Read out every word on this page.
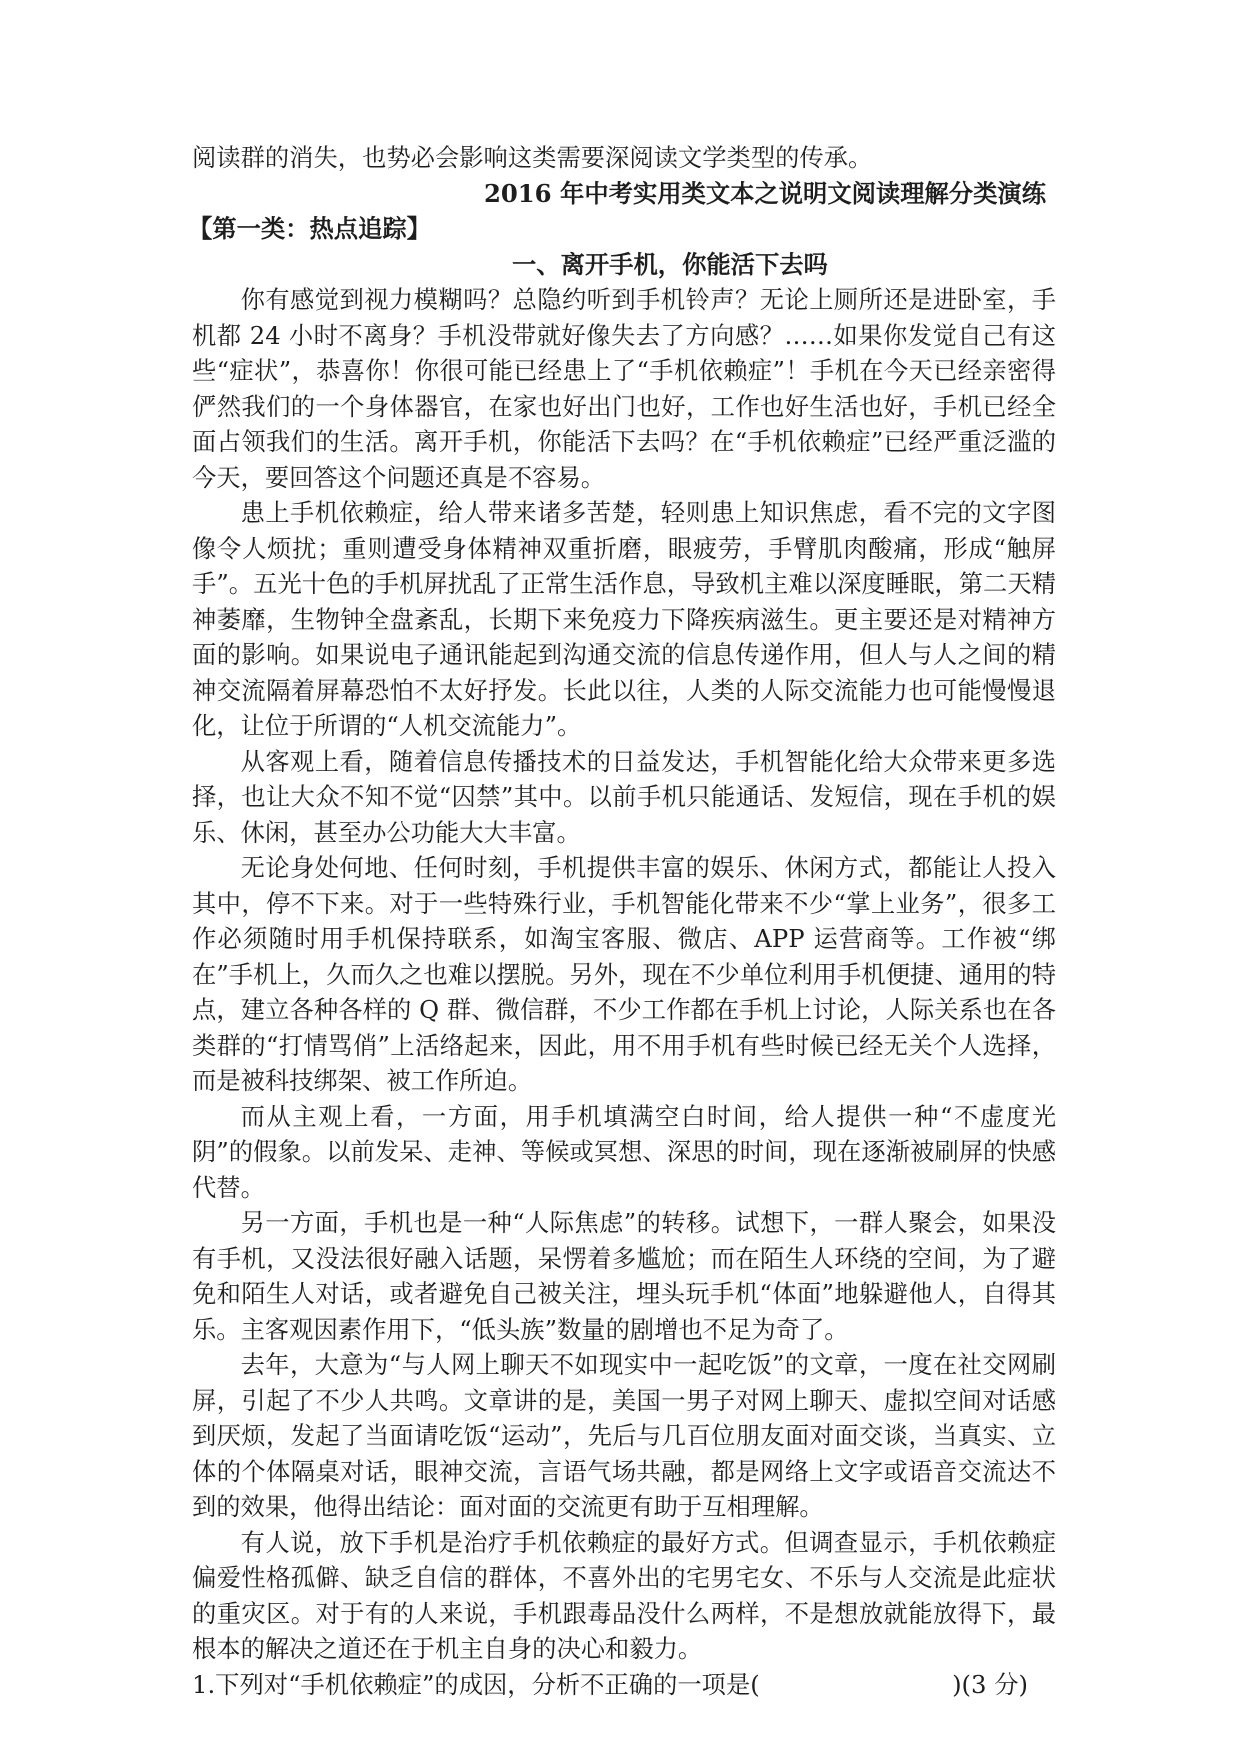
阅读群的消失，也势必会影响这类需要深阅读文学类型的传承。

2016 年中考实用类文本之说明文阅读理解分类演练

【第一类：热点追踪】

一、离开手机，你能活下去吗

你有感觉到视力模糊吗？总隐约听到手机铃声？无论上厕所还是进卧室，手机都 24 小时不离身？手机没带就好像失去了方向感？……如果你发觉自己有这些“症状”，恭喜你！你很可能已经患上了“手机依赖症”！手机在今天已经亲密得俨然我们的一个身体器官，在家也好出门也好，工作也好生活也好，手机已经全面占领我们的生活。离开手机，你能活下去吗？在“手机依赖症”已经严重泛滥的今天，要回答这个问题还真是不容易。

患上手机依赖症，给人带来诸多苦楚，轻则患上知识焦虑，看不完的文字图像令人烦扰；重则遭受身体精神双重折磨，眼疲劳，手臂肌肉酸痛，形成“触屏手”。五光十色的手机屏扰乱了正常生活作息，导致机主难以深度睡眠，第二天精神萎靡，生物钟全盘紊乱，长期下来免疫力下降疾病滋生。更主要还是对精神方面的影响。如果说电子通讯能起到沟通交流的信息传递作用，但人与人之间的精神交流隔着屏幕恐怕不太好抒发。长此以往，人类的人际交流能力也可能慢慢退化，让位于所谓的“人机交流能力”。

从客观上看，随着信息传播技术的日益发达，手机智能化给大众带来更多选择，也让大众不知不觉“囚禁”其中。以前手机只能通话、发短信，现在手机的娱乐、休闲，甚至办公功能大大丰富。

无论身处何地、任何时刻，手机提供丰富的娱乐、休闲方式，都能让人投入其中，停不下来。对于一些特殊行业，手机智能化带来不少“掌上业务”，很多工作必须随时用手机保持联系，如淘宝客服、微店、APP 运营商等。工作被“绑在”手机上，久而久之也难以摆脱。另外，现在不少单位利用手机便捷、通用的特点，建立各种各样的 Q 群、微信群，不少工作都在手机上讨论，人际关系也在各类群的“打情骂俏”上活络起来，因此，用不用手机有些时候已经无关个人选择，而是被科技绑架、被工作所迫。

而从主观上看，一方面，用手机填满空白时间，给人提供一种“不虚度光阴”的假象。以前发呆、走神、等候或冥想、深思的时间，现在逐渐被刷屏的快感代替。

另一方面，手机也是一种“人际焦虑”的转移。试想下，一群人聚会，如果没有手机，又没法很好融入话题，呆愣着多尴尬；而在陌生人环绕的空间，为了避免和陌生人对话，或者避免自己被关注，埋头玩手机“体面”地躲避他人，自得其乐。主客观因素作用下，“低头族”数量的剧增也不足为奇了。

去年，大意为“与人网上聊天不如现实中一起吃饭”的文章，一度在社交网刷屏，引起了不少人共鸣。文章讲的是，美国一男子对网上聊天、虚拟空间对话感到厌烦，发起了当面请吃饭“运动”，先后与几百位朋友面对面交谈，当真实、立体的个体隔桌对话，眼神交流，言语气场共融，都是网络上文字或语音交流达不到的效果，他得出结论：面对面的交流更有助于互相理解。

有人说，放下手机是治疗手机依赖症的最好方式。但调查显示，手机依赖症偏爱性格孤僻、缺乏自信的群体，不喜外出的宅男宅女、不乐与人交流是此症状的重灾区。对于有的人来说，手机跟毒品没什么两样，不是想放就能放得下，最根本的解决之道还在于机主自身的决心和毅力。

1.下列对“手机依赖症”的成因，分析不正确的一项是(	)(3 分)
